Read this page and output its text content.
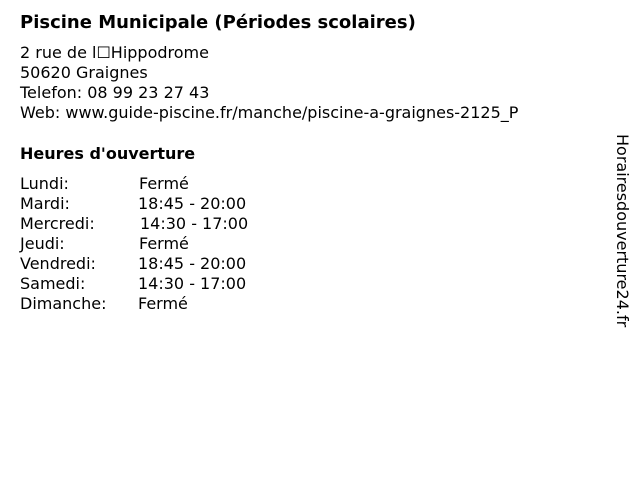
Piscine Municipale (Périodes scolaires)
2 rue de l☐Hippodrome
50620 Graignes
Telefon: 08 99 23 27 43
Web: www.guide-piscine.fr/manche/piscine-a-graignes-2125_P
Heures d'ouverture
Lundi:	Fermé
Mardi:	18:45 - 20:00
Mercredi:	14:30 - 17:00
Jeudi:	Fermé
Vendredi:	18:45 - 20:00
Samedi:	14:30 - 17:00
Dimanche: Fermé	Horairesdouverture24.fr
